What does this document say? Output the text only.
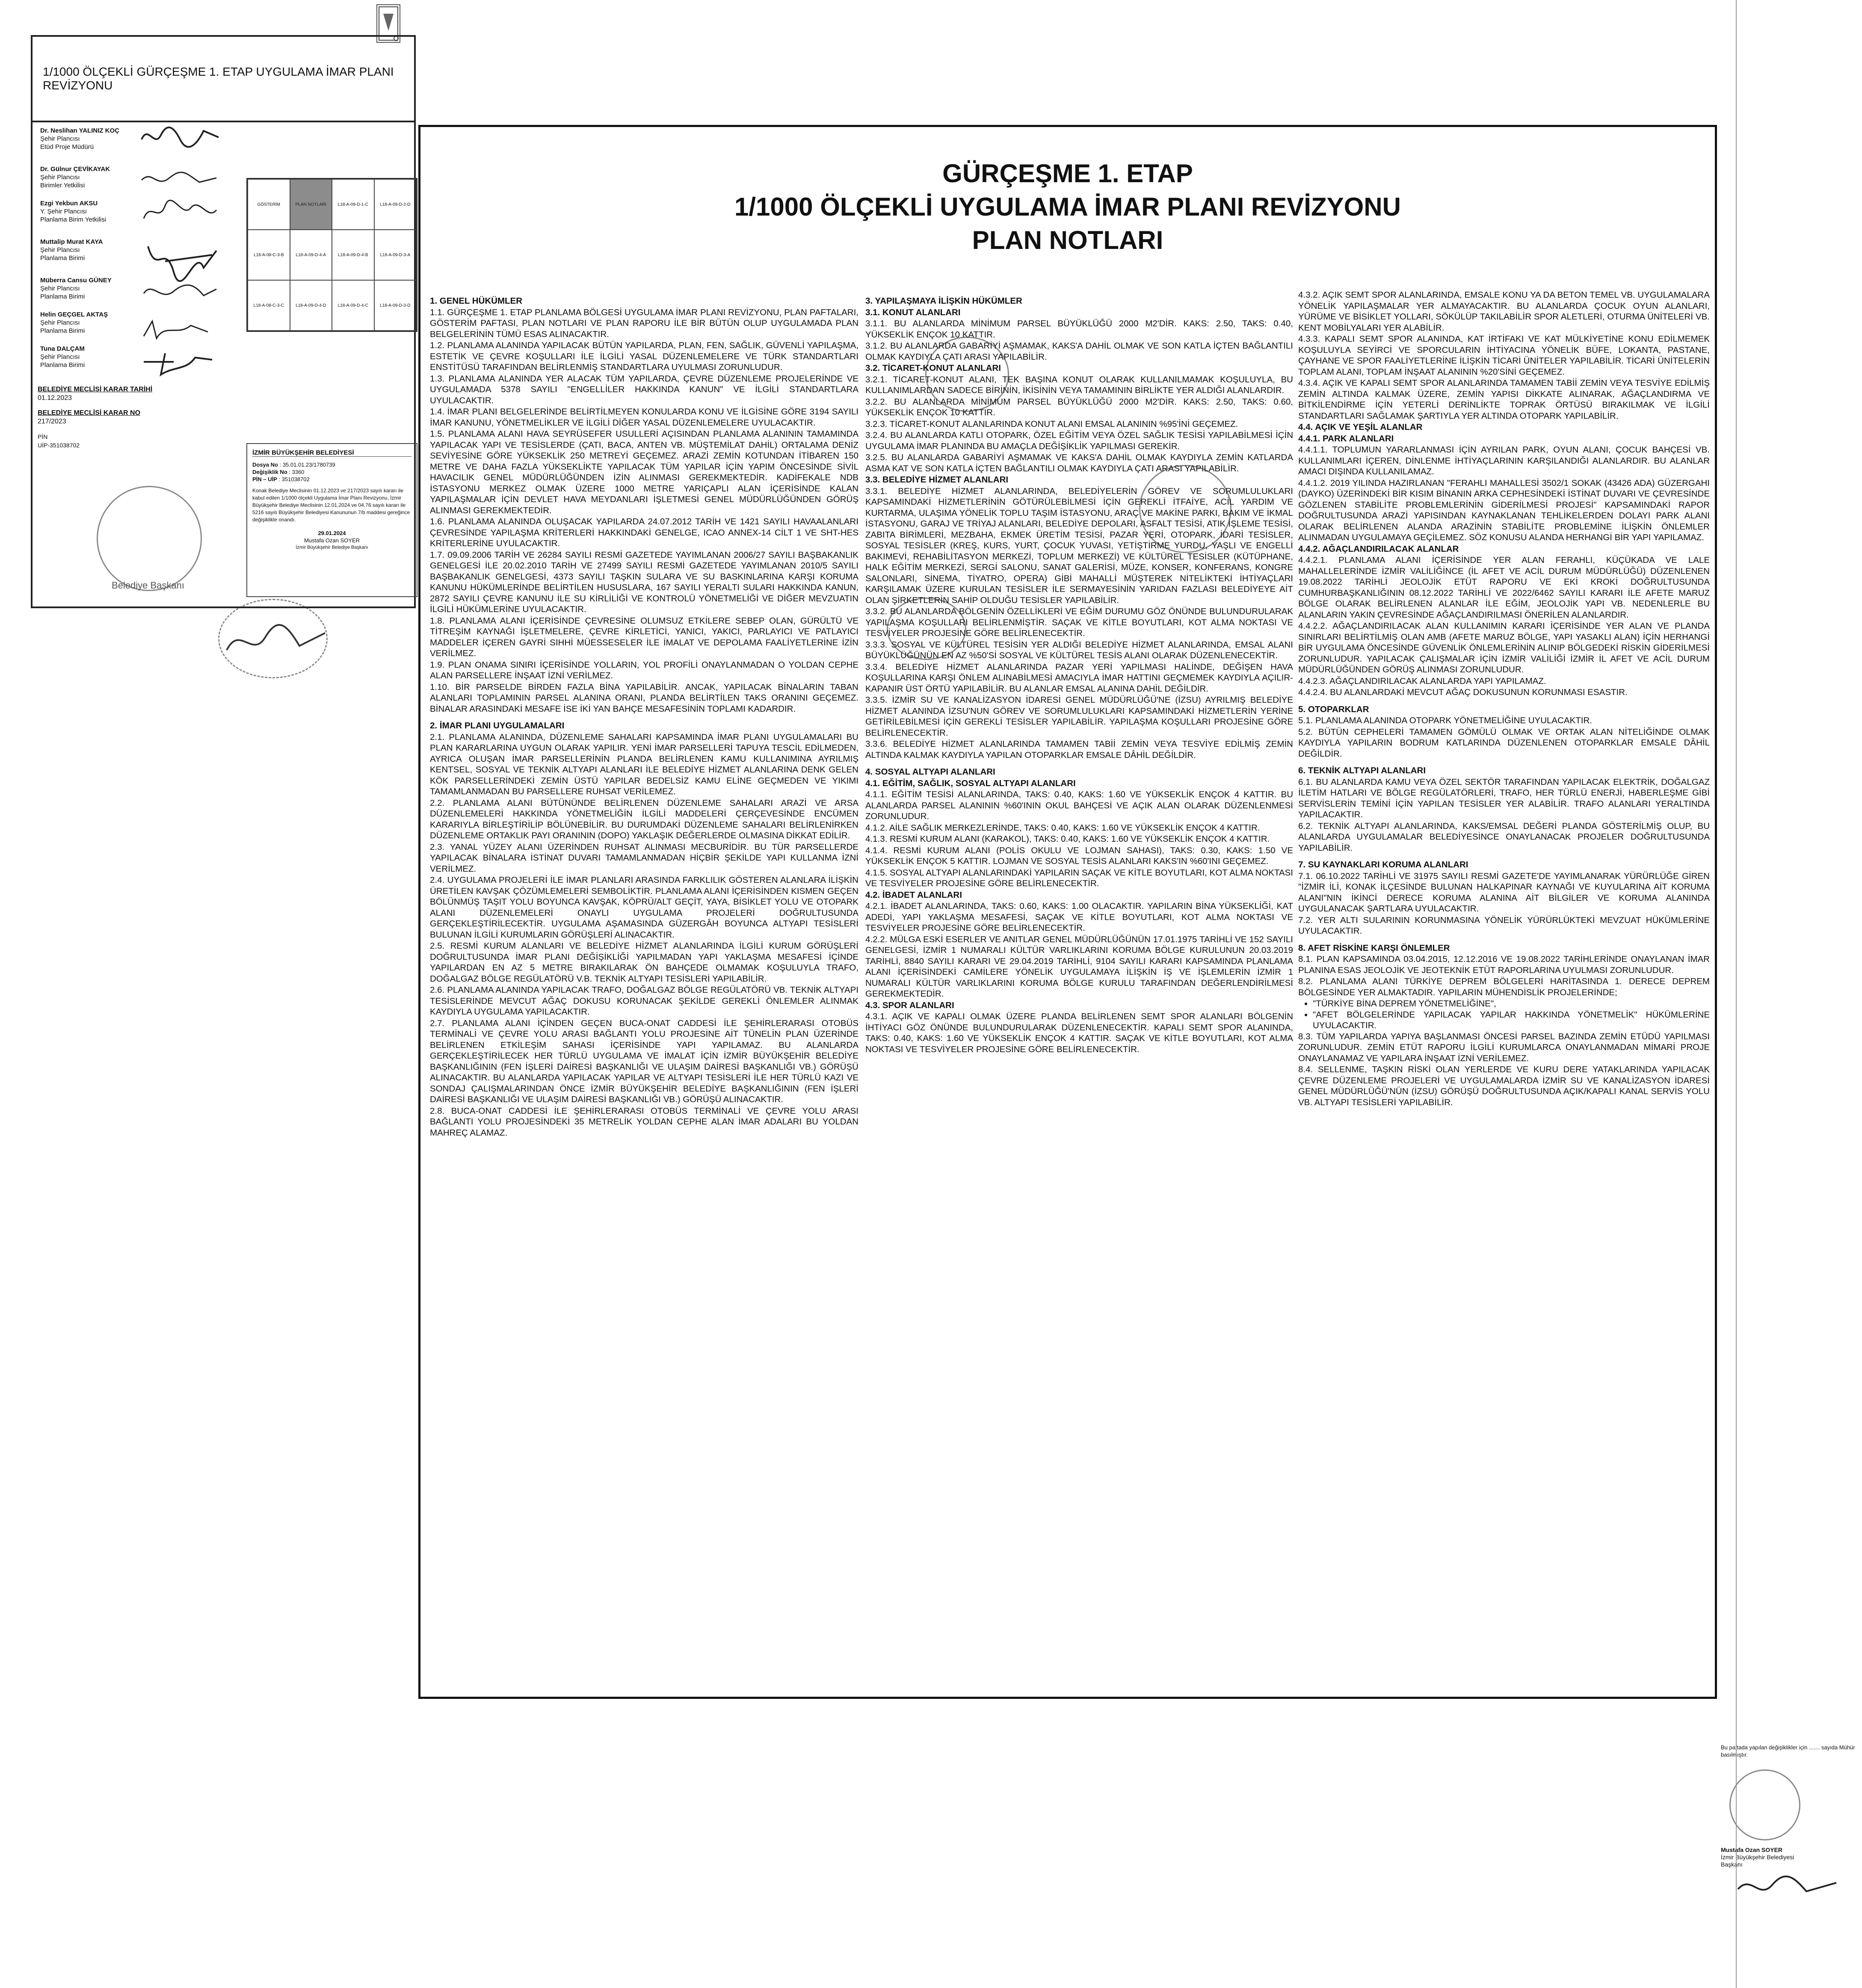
1/1000 ÖLÇEKLİ GÜRÇEŞME 1. ETAP UYGULAMA İMAR PLANI REVİZYONU
Dr. Neslihan YALINIZ KOÇ
Şehir Plancısı
Etüd Proje Müdürü
Dr. Gülnur ÇEVİKAYAK
Şehir Plancısı
Birimler Yetkilisi
Ezgi Yekbun AKSU
Y. Şehir Plancısı
Planlama Birim Yetkilisi
Muttalip Murat KAYA
Şehir Plancısı
Planlama Birimi
Müberra Cansu GÜNEY
Şehir Plancısı
Planlama Birimi
Helin GEÇGEL AKTAŞ
Şehir Plancısı
Planlama Birimi
Tuna DALÇAM
Şehir Plancısı
Planlama Birimi
GÖSTERİM	PLAN NOTLARI	L18-A-09-D-1-C	L18-A-09-D-2-D
L18-A-08-C-3-B	L18-A-09-D-4-A	L18-A-09-D-4-B	L18-A-09-D-3-A
L18-A-08-C-3-C	L18-A-09-D-4-D	L18-A-09-D-4-C	L18-A-09-D-3-D
BELEDİYE MECLİSİ KARAR TARİHİ
01.12.2023
BELEDİYE MECLİSİ KARAR NO
217/2023
PİN
UİP-351038702
Belediye Başkanı
İZMİR BÜYÜKŞEHİR BELEDİYESİ
Dosya No : 35.01.01.23/1780739
Değişiklik No : 3360
PİN – UİP : 351038702
Konak Belediye Meclisinin 01.12.2023 ve 217/2023 sayılı kararı ile kabul edilen 1/1000 ölçekli Uygulama İmar Planı Revizyonu, İzmir Büyükşehir Belediye Meclisinin 12.01.2024 ve 04.76 sayılı kararı ile 5216 sayılı Büyükşehir Belediyesi Kanununun 7/b maddesi gereğince değişiklikle onandı.
29.01.2024
Mustafa Ozan SOYER
İzmir Büyükşehir Belediye Başkanı
GÜRÇEŞME 1. ETAP
1/1000 ÖLÇEKLİ UYGULAMA İMAR PLANI REVİZYONU
PLAN NOTLARI

1. GENEL HÜKÜMLER

1.1. GÜRÇEŞME 1. ETAP PLANLAMA BÖLGESİ UYGULAMA İMAR PLANI REVİZYONU, PLAN PAFTALARI, GÖSTERİM PAFTASI, PLAN NOTLARI VE PLAN RAPORU İLE BİR BÜTÜN OLUP UYGULAMADA PLAN BELGELERİNİN TÜMÜ ESAS ALINACAKTIR.

1.2. PLANLAMA ALANINDA YAPILACAK BÜTÜN YAPILARDA, PLAN, FEN, SAĞLIK, GÜVENLİ YAPILAŞMA, ESTETİK VE ÇEVRE KOŞULLARI İLE İLGİLİ YASAL DÜZENLEMELERE VE TÜRK STANDARTLARI ENSTİTÜSÜ TARAFINDAN BELİRLENMİŞ STANDARTLARA UYULMASI ZORUNLUDUR.

1.3. PLANLAMA ALANINDA YER ALACAK TÜM YAPILARDA, ÇEVRE DÜZENLEME PROJELERİNDE VE UYGULAMADA 5378 SAYILI "ENGELLİLER HAKKINDA KANUN" VE İLGİLİ STANDARTLARA UYULACAKTIR.

1.4. İMAR PLANI BELGELERİNDE BELİRTİLMEYEN KONULARDA KONU VE İLGİSİNE GÖRE 3194 SAYILI İMAR KANUNU, YÖNETMELİKLER VE İLGİLİ DİĞER YASAL DÜZENLEMELERE UYULACAKTIR.

1.5. PLANLAMA ALANI HAVA SEYRÜSEFER USULLERİ AÇISINDAN PLANLAMA ALANININ TAMAMINDA YAPILACAK YAPI VE TESİSLERDE (ÇATI, BACA, ANTEN VB. MÜŞTEMİLAT DAHİL) ORTALAMA DENİZ SEVİYESİNE GÖRE YÜKSEKLİK 250 METREYİ GEÇEMEZ. ARAZİ ZEMİN KOTUNDAN İTİBAREN 150 METRE VE DAHA FAZLA YÜKSEKLİKTE YAPILACAK TÜM YAPILAR İÇİN YAPIM ÖNCESİNDE SİVİL HAVACILIK GENEL MÜDÜRLÜĞÜNDEN İZİN ALINMASI GEREKMEKTEDİR. KADİFEKALE NDB İSTASYONU MERKEZ OLMAK ÜZERE 1000 METRE YARIÇAPLI ALAN İÇERİSİNDE KALAN YAPILAŞMALAR İÇİN DEVLET HAVA MEYDANLARI İŞLETMESİ GENEL MÜDÜRLÜĞÜNDEN GÖRÜŞ ALINMASI GEREKMEKTEDİR.

1.6. PLANLAMA ALANINDA OLUŞACAK YAPILARDA 24.07.2012 TARİH VE 1421 SAYILI HAVAALANLARI ÇEVRESİNDE YAPILAŞMA KRİTERLERİ HAKKINDAKİ GENELGE, ICAO ANNEX-14 CİLT 1 VE SHT-HES KRİTERLERİNE UYULACAKTIR.

1.7. 09.09.2006 TARİH VE 26284 SAYILI RESMİ GAZETEDE YAYIMLANAN 2006/27 SAYILI BAŞBAKANLIK GENELGESİ İLE 20.02.2010 TARİH VE 27499 SAYILI RESMİ GAZETEDE YAYIMLANAN 2010/5 SAYILI BAŞBAKANLIK GENELGESİ, 4373 SAYILI TAŞKIN SULARA VE SU BASKINLARINA KARŞI KORUMA KANUNU HÜKÜMLERİNDE BELİRTİLEN HUSUSLARA, 167 SAYILI YERALTI SULARI HAKKINDA KANUN, 2872 SAYILI ÇEVRE KANUNU İLE SU KİRLİLİĞİ VE KONTROLÜ YÖNETMELİĞİ VE DİĞER MEVZUATIN İLGİLİ HÜKÜMLERİNE UYULACAKTIR.

1.8. PLANLAMA ALANI İÇERİSİNDE ÇEVRESİNE OLUMSUZ ETKİLERE SEBEP OLAN, GÜRÜLTÜ VE TİTREŞİM KAYNAĞI İŞLETMELERE, ÇEVRE KİRLETİCİ, YANICI, YAKICI, PARLAYICI VE PATLAYICI MADDELER İÇEREN GAYRİ SIHHİ MÜESSESELER İLE İMALAT VE DEPOLAMA FAALİYETLERİNE İZİN VERİLMEZ.

1.9. PLAN ONAMA SINIRI İÇERİSİNDE YOLLARIN, YOL PROFİLİ ONAYLANMADAN O YOLDAN CEPHE ALAN PARSELLERE İNŞAAT İZNİ VERİLMEZ.

1.10. BİR PARSELDE BİRDEN FAZLA BİNA YAPILABİLİR. ANCAK, YAPILACAK BİNALARIN TABAN ALANLARI TOPLAMININ PARSEL ALANINA ORANI, PLANDA BELİRTİLEN TAKS ORANINI GEÇEMEZ. BİNALAR ARASINDAKİ MESAFE İSE İKİ YAN BAHÇE MESAFESİNİN TOPLAMI KADARDIR.

2. İMAR PLANI UYGULAMALARI

2.1. PLANLAMA ALANINDA, DÜZENLEME SAHALARI KAPSAMINDA İMAR PLANI UYGULAMALARI BU PLAN KARARLARINA UYGUN OLARAK YAPILIR. YENİ İMAR PARSELLERİ TAPUYA TESCİL EDİLMEDEN, AYRICA OLUŞAN İMAR PARSELLERİNİN PLANDA BELİRLENEN KAMU KULLANIMINA AYRILMIŞ KENTSEL, SOSYAL VE TEKNİK ALTYAPI ALANLARI İLE BELEDİYE HİZMET ALANLARINA DENK GELEN KÖK PARSELLERİNDEKİ ZEMİN ÜSTÜ YAPILAR BEDELSİZ KAMU ELİNE GEÇMEDEN VE YIKIMI TAMAMLANMADAN BU PARSELLERE RUHSAT VERİLEMEZ.

2.2. PLANLAMA ALANI BÜTÜNÜNDE BELİRLENEN DÜZENLEME SAHALARI ARAZİ VE ARSA DÜZENLEMELERİ HAKKINDA YÖNETMELİĞİN İLGİLİ MADDELERİ ÇERÇEVESİNDE ENCÜMEN KARARIYLA BİRLEŞTİRİLİP BÖLÜNEBİLİR. BU DURUMDAKİ DÜZENLEME SAHALARI BELİRLENİRKEN DÜZENLEME ORTAKLIK PAYI ORANININ (DOPO) YAKLAŞIK DEĞERLERDE OLMASINA DİKKAT EDİLİR.

2.3. YANAL YÜZEY ALANI ÜZERİNDEN RUHSAT ALINMASI MECBURİDİR. BU TÜR PARSELLERDE YAPILACAK BİNALARA İSTİNAT DUVARI TAMAMLANMADAN HİÇBİR ŞEKİLDE YAPI KULLANMA İZNİ VERİLMEZ.

2.4. UYGULAMA PROJELERİ İLE İMAR PLANLARI ARASINDA FARKLILIK GÖSTEREN ALANLARA İLİŞKİN ÜRETİLEN KAVŞAK ÇÖZÜMLEMELERİ SEMBOLİKTİR. PLANLAMA ALANI İÇERİSİNDEN KISMEN GEÇEN BÖLÜNMÜŞ TAŞIT YOLU BOYUNCA KAVŞAK, KÖPRÜ/ALT GEÇİT, YAYA, BİSİKLET YOLU VE OTOPARK ALANI DÜZENLEMELERİ ONAYLI UYGULAMA PROJELERİ DOĞRULTUSUNDA GERÇEKLEŞTİRİLECEKTİR. UYGULAMA AŞAMASINDA GÜZERGÂH BOYUNCA ALTYAPI TESİSLERİ BULUNAN İLGİLİ KURUMLARIN GÖRÜŞLERİ ALINACAKTIR.

2.5. RESMİ KURUM ALANLARI VE BELEDİYE HİZMET ALANLARINDA İLGİLİ KURUM GÖRÜŞLERİ DOĞRULTUSUNDA İMAR PLANI DEĞİŞİKLİĞİ YAPILMADAN YAPI YAKLAŞMA MESAFESİ İÇİNDE YAPILARDAN EN AZ 5 METRE BIRAKILARAK ÖN BAHÇEDE OLMAMAK KOŞULUYLA TRAFO, DOĞALGAZ BÖLGE REGÜLATÖRÜ V.B. TEKNİK ALTYAPI TESİSLERİ YAPILABİLİR.

2.6. PLANLAMA ALANINDA YAPILACAK TRAFO, DOĞALGAZ BÖLGE REGÜLATÖRÜ VB. TEKNİK ALTYAPI TESİSLERİNDE MEVCUT AĞAÇ DOKUSU KORUNACAK ŞEKİLDE GEREKLİ ÖNLEMLER ALINMAK KAYDIYLA UYGULAMA YAPILACAKTIR.

2.7. PLANLAMA ALANI İÇİNDEN GEÇEN BUCA-ONAT CADDESİ İLE ŞEHİRLERARASI OTOBÜS TERMİNALİ VE ÇEVRE YOLU ARASI BAĞLANTI YOLU PROJESİNE AİT TÜNELİN PLAN ÜZERİNDE BELİRLENEN ETKİLEŞİM SAHASI İÇERİSİNDE YAPI YAPILAMAZ. BU ALANLARDA GERÇEKLEŞTİRİLECEK HER TÜRLÜ UYGULAMA VE İMALAT İÇİN İZMİR BÜYÜKŞEHİR BELEDİYE BAŞKANLIĞININ (FEN İŞLERİ DAİRESİ BAŞKANLIĞI VE ULAŞIM DAİRESİ BAŞKANLIĞI VB.) GÖRÜŞÜ ALINACAKTIR. BU ALANLARDA YAPILACAK YAPILAR VE ALTYAPI TESİSLERİ İLE HER TÜRLÜ KAZI VE SONDAJ ÇALIŞMALARINDAN ÖNCE İZMİR BÜYÜKŞEHİR BELEDİYE BAŞKANLIĞININ (FEN İŞLERİ DAİRESİ BAŞKANLIĞI VE ULAŞIM DAİRESİ BAŞKANLIĞI VB.) GÖRÜŞÜ ALINACAKTIR.

2.8. BUCA-ONAT CADDESİ İLE ŞEHİRLERARASI OTOBÜS TERMİNALİ VE ÇEVRE YOLU ARASI BAĞLANTI YOLU PROJESİNDEKİ 35 METRELİK YOLDAN CEPHE ALAN İMAR ADALARI BU YOLDAN MAHREÇ ALAMAZ.

3. YAPILAŞMAYA İLİŞKİN HÜKÜMLER

3.1. KONUT ALANLARI

3.1.1. BU ALANLARDA MİNİMUM PARSEL BÜYÜKLÜĞÜ 2000 M2'DİR. KAKS: 2.50, TAKS: 0.40, YÜKSEKLİK ENÇOK 10 KATTIR.

3.1.2. BU ALANLARDA GABARİYİ AŞMAMAK, KAKS'A DAHİL OLMAK VE SON KATLA İÇTEN BAĞLANTILI OLMAK KAYDIYLA ÇATI ARASI YAPILABİLİR.

3.2. TİCARET-KONUT ALANLARI

3.2.1. TİCARET-KONUT ALANI, TEK BAŞINA KONUT OLARAK KULLANILMAMAK KOŞULUYLA, BU KULLANIMLARDAN SADECE BİRİNİN, İKİSİNİN VEYA TAMAMININ BİRLİKTE YER ALDIĞI ALANLARDIR.

3.2.2. BU ALANLARDA MİNİMUM PARSEL BÜYÜKLÜĞÜ 2000 M2'DİR. KAKS: 2.50, TAKS: 0.60, YÜKSEKLİK ENÇOK 10 KATTIR.

3.2.3. TİCARET-KONUT ALANLARINDA KONUT ALANI EMSAL ALANININ %95'İNİ GEÇEMEZ.

3.2.4. BU ALANLARDA KATLI OTOPARK, ÖZEL EĞİTİM VEYA ÖZEL SAĞLIK TESİSİ YAPILABİLMESİ İÇİN UYGULAMA İMAR PLANINDA BU AMAÇLA DEĞİŞİKLİK YAPILMASI GEREKİR.

3.2.5. BU ALANLARDA GABARİYİ AŞMAMAK VE KAKS'A DAHİL OLMAK KAYDIYLA ZEMİN KATLARDA ASMA KAT VE SON KATLA İÇTEN BAĞLANTILI OLMAK KAYDIYLA ÇATI ARASI YAPILABİLİR.

3.3. BELEDİYE HİZMET ALANLARI

3.3.1. BELEDİYE HİZMET ALANLARINDA, BELEDİYELERİN GÖREV VE SORUMLULUKLARI KAPSAMINDAKİ HİZMETLERİNİN GÖTÜRÜLEBİLMESİ İÇİN GEREKLİ İTFAİYE, ACİL YARDIM VE KURTARMA, ULAŞIMA YÖNELİK TOPLU TAŞIM İSTASYONU, ARAÇ VE MAKİNE PARKI, BAKIM VE İKMAL İSTASYONU, GARAJ VE TRİYAJ ALANLARI, BELEDİYE DEPOLARI, ASFALT TESİSİ, ATIK İŞLEME TESİSİ, ZABITA BİRİMLERİ, MEZBAHA, EKMEK ÜRETİM TESİSİ, PAZAR YERİ, OTOPARK, İDARİ TESİSLER, SOSYAL TESİSLER (KREŞ, KURS, YURT, ÇOCUK YUVASI, YETİŞTİRME YURDU, YAŞLI VE ENGELLİ BAKIMEVİ, REHABİLİTASYON MERKEZİ, TOPLUM MERKEZİ) VE KÜLTÜREL TESİSLER (KÜTÜPHANE, HALK EĞİTİM MERKEZİ, SERGİ SALONU, SANAT GALERİSİ, MÜZE, KONSER, KONFERANS, KONGRE SALONLARI, SİNEMA, TİYATRO, OPERA) GİBİ MAHALLİ MÜŞTEREK NİTELİKTEKİ İHTİYAÇLARI KARŞILAMAK ÜZERE KURULAN TESİSLER İLE SERMAYESİNİN YARIDAN FAZLASI BELEDİYEYE AİT OLAN ŞİRKETLERİN SAHİP OLDUĞU TESİSLER YAPILABİLİR.

3.3.2. BU ALANLARDA BÖLGENİN ÖZELLİKLERİ VE EĞİM DURUMU GÖZ ÖNÜNDE BULUNDURULARAK YAPILAŞMA KOŞULLARI BELİRLENMİŞTİR. SAÇAK VE KİTLE BOYUTLARI, KOT ALMA NOKTASI VE TESVİYELER PROJESİNE GÖRE BELİRLENECEKTİR.

3.3.3. SOSYAL VE KÜLTÜREL TESİSİN YER ALDIĞI BELEDİYE HİZMET ALANLARINDA, EMSAL ALANI BÜYÜKLÜĞÜNÜN EN AZ %50'Sİ SOSYAL VE KÜLTÜREL TESİS ALANI OLARAK DÜZENLENECEKTİR.

3.3.4. BELEDİYE HİZMET ALANLARINDA PAZAR YERİ YAPILMASI HALİNDE, DEĞİŞEN HAVA KOŞULLARINA KARŞI ÖNLEM ALINABİLMESİ AMACIYLA İMAR HATTINI GEÇMEMEK KAYDIYLA AÇILIR-KAPANIR ÜST ÖRTÜ YAPILABİLİR. BU ALANLAR EMSAL ALANINA DAHİL DEĞİLDİR.

3.3.5. İZMİR SU VE KANALİZASYON İDARESİ GENEL MÜDÜRLÜĞÜ'NE (İZSU) AYRILMIŞ BELEDİYE HİZMET ALANINDA İZSU'NUN GÖREV VE SORUMLULUKLARI KAPSAMINDAKİ HİZMETLERİN YERİNE GETİRİLEBİLMESİ İÇİN GEREKLİ TESİSLER YAPILABİLİR. YAPILAŞMA KOŞULLARI PROJESİNE GÖRE BELİRLENECEKTİR.

3.3.6. BELEDİYE HİZMET ALANLARINDA TAMAMEN TABİİ ZEMİN VEYA TESVİYE EDİLMİŞ ZEMİN ALTINDA KALMAK KAYDIYLA YAPILAN OTOPARKLAR EMSALE DÂHİL DEĞİLDİR.

4. SOSYAL ALTYAPI ALANLARI

4.1. EĞİTİM, SAĞLIK, SOSYAL ALTYAPI ALANLARI

4.1.1. EĞİTİM TESİSİ ALANLARINDA, TAKS: 0.40, KAKS: 1.60 VE YÜKSEKLİK ENÇOK 4 KATTIR. BU ALANLARDA PARSEL ALANININ %60'ININ OKUL BAHÇESİ VE AÇIK ALAN OLARAK DÜZENLENMESİ ZORUNLUDUR.

4.1.2. AİLE SAĞLIK MERKEZLERİNDE, TAKS: 0.40, KAKS: 1.60 VE YÜKSEKLİK ENÇOK 4 KATTIR.

4.1.3. RESMİ KURUM ALANI (KARAKOL), TAKS: 0.40, KAKS: 1.60 VE YÜKSEKLİK ENÇOK 4 KATTIR.

4.1.4. RESMİ KURUM ALANI (POLİS OKULU VE LOJMAN SAHASI), TAKS: 0.30, KAKS: 1.50 VE YÜKSEKLİK ENÇOK 5 KATTIR. LOJMAN VE SOSYAL TESİS ALANLARI KAKS'IN %60'INI GEÇEMEZ.

4.1.5. SOSYAL ALTYAPI ALANLARINDAKİ YAPILARIN SAÇAK VE KİTLE BOYUTLARI, KOT ALMA NOKTASI VE TESVİYELER PROJESİNE GÖRE BELİRLENECEKTİR.

4.2. İBADET ALANLARI

4.2.1. İBADET ALANLARINDA, TAKS: 0.60, KAKS: 1.00 OLACAKTIR. YAPILARIN BİNA YÜKSEKLİĞİ, KAT ADEDİ, YAPI YAKLAŞMA MESAFESİ, SAÇAK VE KİTLE BOYUTLARI, KOT ALMA NOKTASI VE TESVİYELER PROJESİNE GÖRE BELİRLENECEKTİR.

4.2.2. MÜLGA ESKİ ESERLER VE ANITLAR GENEL MÜDÜRLÜĞÜNÜN 17.01.1975 TARİHLİ VE 152 SAYILI GENELGESİ, İZMİR 1 NUMARALI KÜLTÜR VARLIKLARINI KORUMA BÖLGE KURULUNUN 20.03.2019 TARİHLİ, 8840 SAYILI KARARI VE 29.04.2019 TARİHLİ, 9104 SAYILI KARARI KAPSAMINDA PLANLAMA ALANI İÇERİSİNDEKİ CAMİLERE YÖNELİK UYGULAMAYA İLİŞKİN İŞ VE İŞLEMLERİN İZMİR 1 NUMARALI KÜLTÜR VARLIKLARINI KORUMA BÖLGE KURULU TARAFINDAN DEĞERLENDİRİLMESİ GEREKMEKTEDİR.

4.3. SPOR ALANLARI

4.3.1. AÇIK VE KAPALI OLMAK ÜZERE PLANDA BELİRLENEN SEMT SPOR ALANLARI BÖLGENİN İHTİYACI GÖZ ÖNÜNDE BULUNDURULARAK DÜZENLENECEKTİR. KAPALI SEMT SPOR ALANINDA, TAKS: 0.40, KAKS: 1.60 VE YÜKSEKLİK ENÇOK 4 KATTIR. SAÇAK VE KİTLE BOYUTLARI, KOT ALMA NOKTASI VE TESVİYELER PROJESİNE GÖRE BELİRLENECEKTİR.

4.3.2. AÇIK SEMT SPOR ALANLARINDA, EMSALE KONU YA DA BETON TEMEL VB. UYGULAMALARA YÖNELİK YAPILAŞMALAR YER ALMAYACAKTIR. BU ALANLARDA ÇOCUK OYUN ALANLARI, YÜRÜME VE BİSİKLET YOLLARI, SÖKÜLÜP TAKILABİLİR SPOR ALETLERİ, OTURMA ÜNİTELERİ VB. KENT MOBİLYALARI YER ALABİLİR.

4.3.3. KAPALI SEMT SPOR ALANINDA, KAT İRTİFAKI VE KAT MÜLKİYETİNE KONU EDİLMEMEK KOŞULUYLA SEYİRCİ VE SPORCULARIN İHTİYACINA YÖNELİK BÜFE, LOKANTA, PASTANE, ÇAYHANE VE SPOR FAALİYETLERİNE İLİŞKİN TİCARİ ÜNİTELER YAPILABİLİR. TİCARİ ÜNİTELERİN TOPLAM ALANI, TOPLAM İNŞAAT ALANININ %20'SİNİ GEÇEMEZ.

4.3.4. AÇIK VE KAPALI SEMT SPOR ALANLARINDA TAMAMEN TABİİ ZEMİN VEYA TESVİYE EDİLMİŞ ZEMİN ALTINDA KALMAK ÜZERE, ZEMİN YAPISI DİKKATE ALINARAK, AĞAÇLANDIRMA VE BİTKİLENDİRME İÇİN YETERLİ DERİNLİKTE TOPRAK ÖRTÜSÜ BIRAKILMAK VE İLGİLİ STANDARTLARI SAĞLAMAK ŞARTIYLA YER ALTINDA OTOPARK YAPILABİLİR.

4.4. AÇIK VE YEŞİL ALANLAR

4.4.1. PARK ALANLARI

4.4.1.1. TOPLUMUN YARARLANMASI İÇİN AYRILAN PARK, OYUN ALANI, ÇOCUK BAHÇESİ VB. KULLANIMLARI İÇEREN, DİNLENME İHTİYAÇLARININ KARŞILANDIĞI ALANLARDIR. BU ALANLAR AMACI DIŞINDA KULLANILAMAZ.

4.4.1.2. 2019 YILINDA HAZIRLANAN "FERAHLI MAHALLESİ 3502/1 SOKAK (43426 ADA) GÜZERGAHI (DAYKO) ÜZERİNDEKİ BİR KISIM BİNANIN ARKA CEPHESİNDEKİ İSTİNAT DUVARI VE ÇEVRESİNDE GÖZLENEN STABİLİTE PROBLEMLERİNİN GİDERİLMESİ PROJESİ" KAPSAMINDAKİ RAPOR DOĞRULTUSUNDA ARAZİ YAPISINDAN KAYNAKLANAN TEHLİKELERDEN DOLAYI PARK ALANI OLARAK BELİRLENEN ALANDA ARAZİNİN STABİLİTE PROBLEMİNE İLİŞKİN ÖNLEMLER ALINMADAN UYGULAMAYA GEÇİLEMEZ. SÖZ KONUSU ALANDA HERHANGİ BİR YAPI YAPILAMAZ.

4.4.2. AĞAÇLANDIRILACAK ALANLAR

4.4.2.1. PLANLAMA ALANI İÇERİSİNDE YER ALAN FERAHLI, KÜÇÜKADA VE LALE MAHALLELERİNDE İZMİR VALİLİĞİNCE (İL AFET VE ACİL DURUM MÜDÜRLÜĞÜ) DÜZENLENEN 19.08.2022 TARİHLİ JEOLOJİK ETÜT RAPORU VE EKİ KROKİ DOĞRULTUSUNDA CUMHURBAŞKANLIĞININ 08.12.2022 TARİHLİ VE 2022/6462 SAYILI KARARI İLE AFETE MARUZ BÖLGE OLARAK BELİRLENEN ALANLAR İLE EĞİM, JEOLOJİK YAPI VB. NEDENLERLE BU ALANLARIN YAKIN ÇEVRESİNDE AĞAÇLANDIRILMASI ÖNERİLEN ALANLARDIR.

4.4.2.2. AĞAÇLANDIRILACAK ALAN KULLANIMIN KARARI İÇERİSİNDE YER ALAN VE PLANDA SINIRLARI BELİRTİLMİŞ OLAN AMB (AFETE MARUZ BÖLGE, YAPI YASAKLI ALAN) İÇİN HERHANGİ BİR UYGULAMA ÖNCESİNDE GÜVENLİK ÖNLEMLERİNİN ALINIP BÖLGEDEKİ RİSKİN GİDERİLMESİ ZORUNLUDUR. YAPILACAK ÇALIŞMALAR İÇİN İZMİR VALİLİĞİ İZMİR İL AFET VE ACİL DURUM MÜDÜRLÜĞÜNDEN GÖRÜŞ ALINMASI ZORUNLUDUR.

4.4.2.3. AĞAÇLANDIRILACAK ALANLARDA YAPI YAPILAMAZ.

4.4.2.4. BU ALANLARDAKİ MEVCUT AĞAÇ DOKUSUNUN KORUNMASI ESASTIR.

5. OTOPARKLAR

5.1. PLANLAMA ALANINDA OTOPARK YÖNETMELİĞİNE UYULACAKTIR.

5.2. BÜTÜN CEPHELERİ TAMAMEN GÖMÜLÜ OLMAK VE ORTAK ALAN NİTELİĞİNDE OLMAK KAYDIYLA YAPILARIN BODRUM KATLARINDA DÜZENLENEN OTOPARKLAR EMSALE DÂHİL DEĞİLDİR.

6. TEKNİK ALTYAPI ALANLARI

6.1. BU ALANLARDA KAMU VEYA ÖZEL SEKTÖR TARAFINDAN YAPILACAK ELEKTRİK, DOĞALGAZ İLETİM HATLARI VE BÖLGE REGÜLATÖRLERİ, TRAFO, HER TÜRLÜ ENERJİ, HABERLEŞME GİBİ SERVİSLERİN TEMİNİ İÇİN YAPILAN TESİSLER YER ALABİLİR. TRAFO ALANLARI YERALTINDA YAPILACAKTIR.

6.2. TEKNİK ALTYAPI ALANLARINDA, KAKS/EMSAL DEĞERİ PLANDA GÖSTERİLMİŞ OLUP, BU ALANLARDA UYGULAMALAR BELEDİYESİNCE ONAYLANACAK PROJELER DOĞRULTUSUNDA YAPILABİLİR.

7. SU KAYNAKLARI KORUMA ALANLARI

7.1. 06.10.2022 TARİHLİ VE 31975 SAYILI RESMİ GAZETE'DE YAYIMLANARAK YÜRÜRLÜĞE GİREN "İZMİR İLİ, KONAK İLÇESİNDE BULUNAN HALKAPINAR KAYNAĞI VE KUYULARINA AİT KORUMA ALANI"NIN İKİNCİ DERECE KORUMA ALANINA AİT BİLGİLER VE KORUMA ALANINDA UYGULANACAK ŞARTLARA UYULACAKTIR.

7.2. YER ALTI SULARININ KORUNMASINA YÖNELİK YÜRÜRLÜKTEKİ MEVZUAT HÜKÜMLERİNE UYULACAKTIR.

8. AFET RİSKİNE KARŞI ÖNLEMLER

8.1. PLAN KAPSAMINDA 03.04.2015, 12.12.2016 VE 19.08.2022 TARİHLERİNDE ONAYLANAN İMAR PLANINA ESAS JEOLOJİK VE JEOTEKNİK ETÜT RAPORLARINA UYULMASI ZORUNLUDUR.

8.2. PLANLAMA ALANI TÜRKİYE DEPREM BÖLGELERİ HARİTASINDA 1. DERECE DEPREM BÖLGESİNDE YER ALMAKTADIR. YAPILARIN MÜHENDİSLİK PROJELERİNDE;

• "TÜRKİYE BİNA DEPREM YÖNETMELİĞİNE",
• "AFET BÖLGELERİNDE YAPILACAK YAPILAR HAKKINDA YÖNETMELİK" HÜKÜMLERİNE UYULACAKTIR.

8.3. TÜM YAPILARDA YAPIYA BAŞLANMASI ÖNCESİ PARSEL BAZINDA ZEMİN ETÜDÜ YAPILMASI ZORUNLUDUR. ZEMİN ETÜT RAPORU İLGİLİ KURUMLARCA ONAYLANMADAN MİMARİ PROJE ONAYLANAMAZ VE YAPILARA İNŞAAT İZNİ VERİLEMEZ.

8.4. SELLENME, TAŞKIN RİSKİ OLAN YERLERDE VE KURU DERE YATAKLARINDA YAPILACAK ÇEVRE DÜZENLEME PROJELERİ VE UYGULAMALARDA İZMİR SU VE KANALİZASYON İDARESİ GENEL MÜDÜRLÜĞÜ'NÜN (İZSU) GÖRÜŞÜ DOĞRULTUSUNDA AÇIK/KAPALI KANAL SERVİS YOLU VB. ALTYAPI TESİSLERİ YAPILABİLİR.

Bu paftada yapılan değişiklikler için ....... sayıda Mühür basılmıştır.
Mustafa Ozan SOYER
İzmir Büyükşehir Belediyesi
Başkanı
